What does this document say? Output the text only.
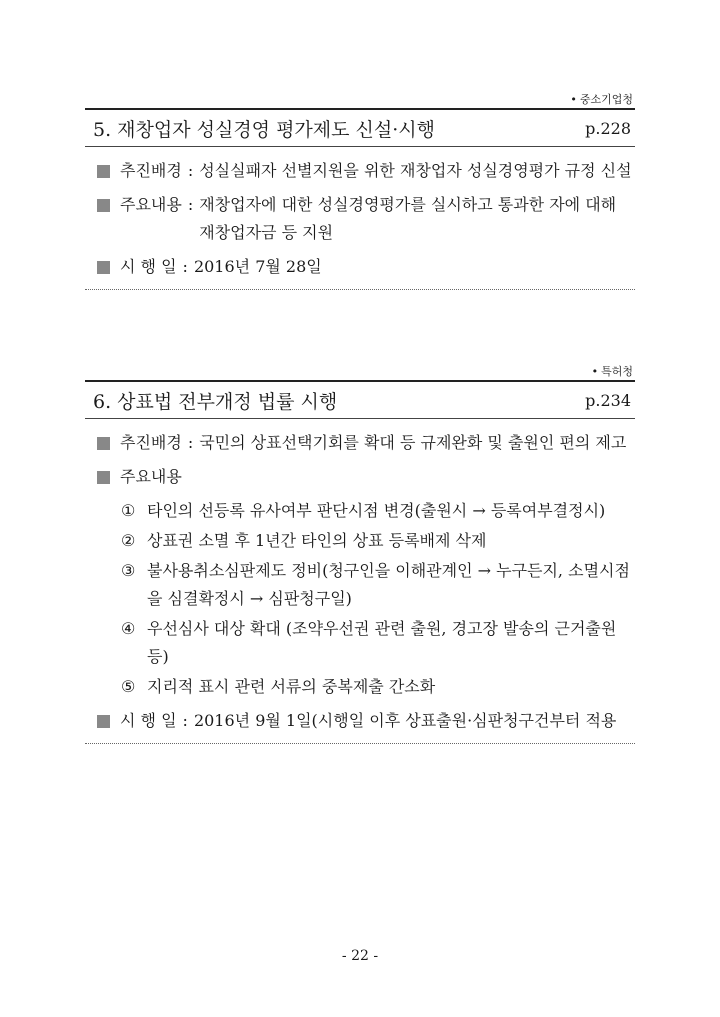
• 중소기업청
5. 재창업자 성실경영 평가제도 신설·시행	p.228
추진배경 : 성실실패자 선별지원을 위한 재창업자 성실경영평가 규정 신설
주요내용 : 재창업자에 대한 성실경영평가를 실시하고 통과한 자에 대해 재창업자금 등 지원
시 행 일 : 2016년 7월 28일
• 특허청
6. 상표법 전부개정 법률 시행	p.234
추진배경 : 국민의 상표선택기회를 확대 등 규제완화 및 출원인 편의 제고
주요내용
① 타인의 선등록 유사여부 판단시점 변경(출원시 → 등록여부결정시)
② 상표권 소멸 후 1년간 타인의 상표 등록배제 삭제
③ 불사용취소심판제도 정비(청구인을 이해관계인 → 누구든지, 소멸시점을 심결확정시 → 심판청구일)
④ 우선심사 대상 확대 (조약우선권 관련 출원, 경고장 발송의 근거출원 등)
⑤ 지리적 표시 관련 서류의 중복제출 간소화
시 행 일 : 2016년 9월 1일(시행일 이후 상표출원·심판청구건부터 적용
- 22 -
